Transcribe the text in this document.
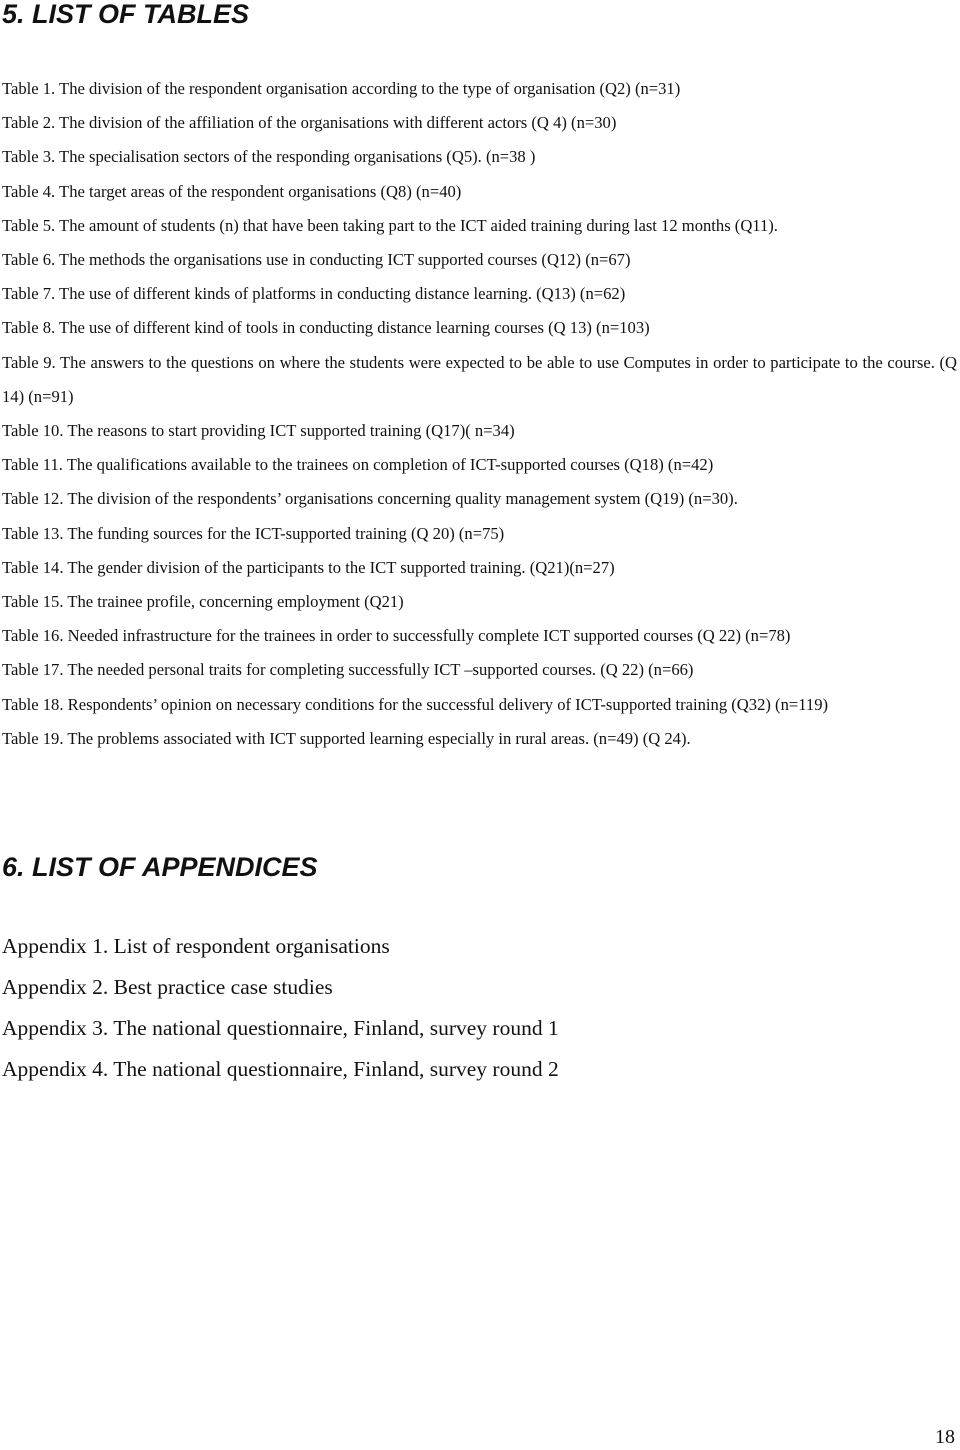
5. LIST OF TABLES
Table 1. The division of the respondent organisation according to the type of organisation (Q2) (n=31)
Table 2. The division of the affiliation of the organisations with different actors (Q 4) (n=30)
Table 3. The specialisation sectors of the responding organisations (Q5). (n=38 )
Table 4. The target areas of the respondent organisations (Q8) (n=40)
Table 5. The amount of students (n) that have been taking part to the ICT aided training during last 12 months (Q11).
Table 6. The methods the organisations use in conducting ICT supported courses (Q12) (n=67)
Table 7. The use of different kinds of platforms in conducting distance learning. (Q13) (n=62)
Table 8. The use of different kind of tools in conducting distance learning courses (Q 13) (n=103)
Table 9. The answers to the questions on where the students were expected to be able to use Computes in order to participate to the course. (Q 14) (n=91)
Table 10. The reasons to start providing ICT supported training (Q17)( n=34)
Table 11. The qualifications available to the trainees on completion of ICT-supported courses (Q18) (n=42)
Table 12. The division of the respondents’ organisations concerning quality management system (Q19) (n=30).
Table 13. The funding sources for the ICT-supported training (Q 20) (n=75)
Table 14. The gender division of the participants to the ICT supported training. (Q21)(n=27)
Table 15. The trainee profile, concerning employment (Q21)
Table 16. Needed infrastructure for the trainees in order to successfully complete ICT supported courses (Q 22) (n=78)
Table 17. The needed personal traits for completing successfully ICT –supported courses. (Q 22) (n=66)
Table 18. Respondents’ opinion on necessary conditions for the successful delivery of ICT-supported training (Q32) (n=119)
Table 19. The problems associated with ICT supported learning especially in rural areas. (n=49) (Q 24).
6. LIST OF APPENDICES
Appendix 1. List of respondent organisations
Appendix 2. Best practice case studies
Appendix 3. The national questionnaire, Finland, survey round 1
Appendix 4. The national questionnaire, Finland, survey round 2
18
